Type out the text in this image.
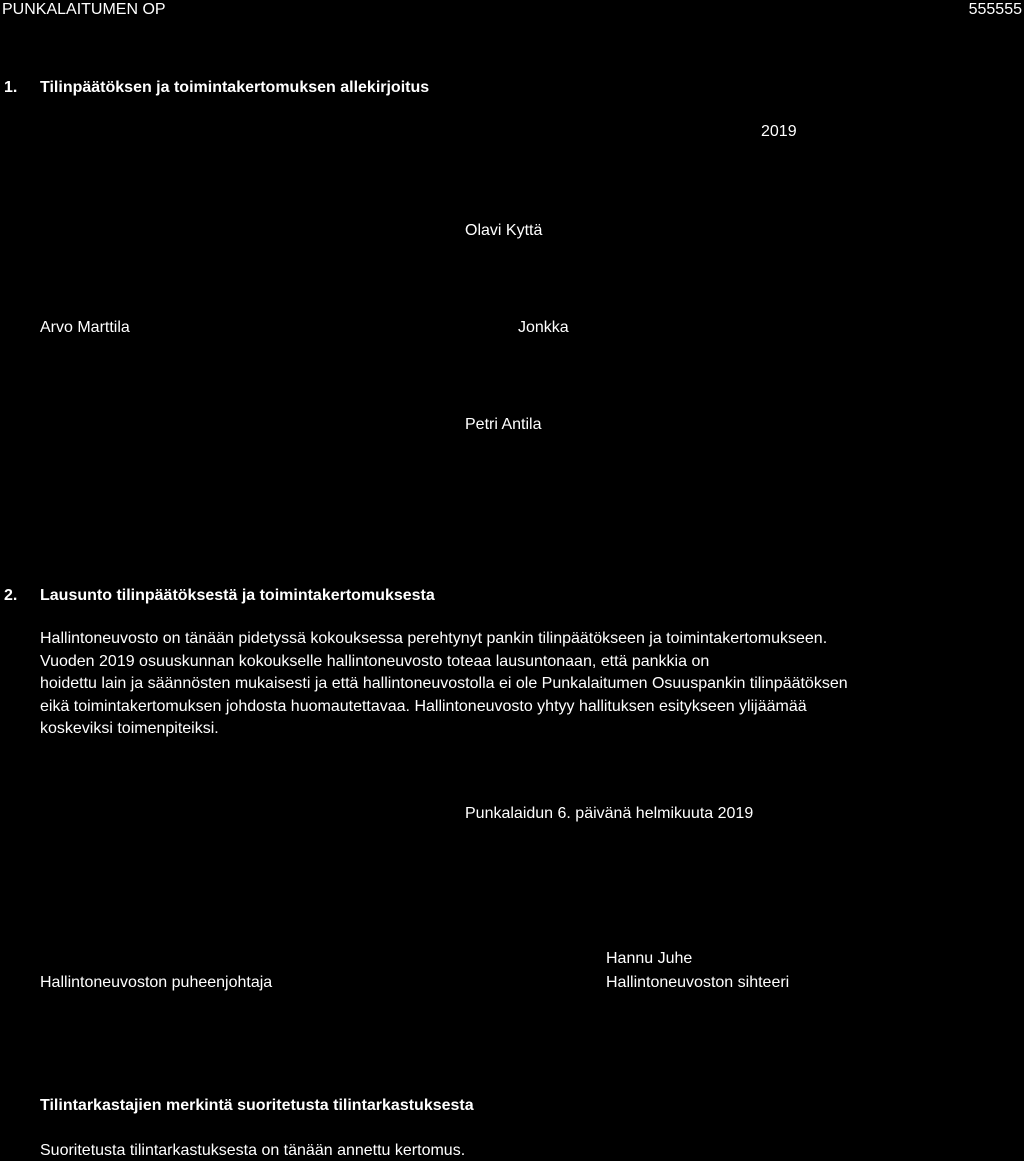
PUNKALAITUMEN OP	555555
1. Tilinpäätöksen ja toimintakertomuksen allekirjoitus
2019
Olavi Kyttä
Arvo Marttila	Jonkka
Petri Antila
2. Lausunto tilinpäätöksestä ja toimintakertomuksesta
Hallintoneuvosto on tänään pidetyssä kokouksessa perehtynyt pankin tilinpäätökseen ja toimintakertomukseen.
Vuoden 2019 osuuskunnan kokoukselle hallintoneuvosto toteaa lausuntonaan, että pankkia on
hoidettu lain ja säännösten mukaisesti ja että hallintoneuvostolla ei ole Punkalaitumen Osuuspankin tilinpäätöksen
eikä toimintakertomuksen johdosta huomautettavaa. Hallintoneuvosto yhtyy hallituksen esitykseen ylijäämää
koskeviksi toimenpiteiksi.
Punkalaidun 6. päivänä helmikuuta 2019
Hallintoneuvoston puheenjohtaja
Hannu Juhe
Hallintoneuvoston sihteeri
Tilintarkastajien merkintä suoritetusta tilintarkastuksesta
Suoritetusta tilintarkastuksesta on tänään annettu kertomus.
